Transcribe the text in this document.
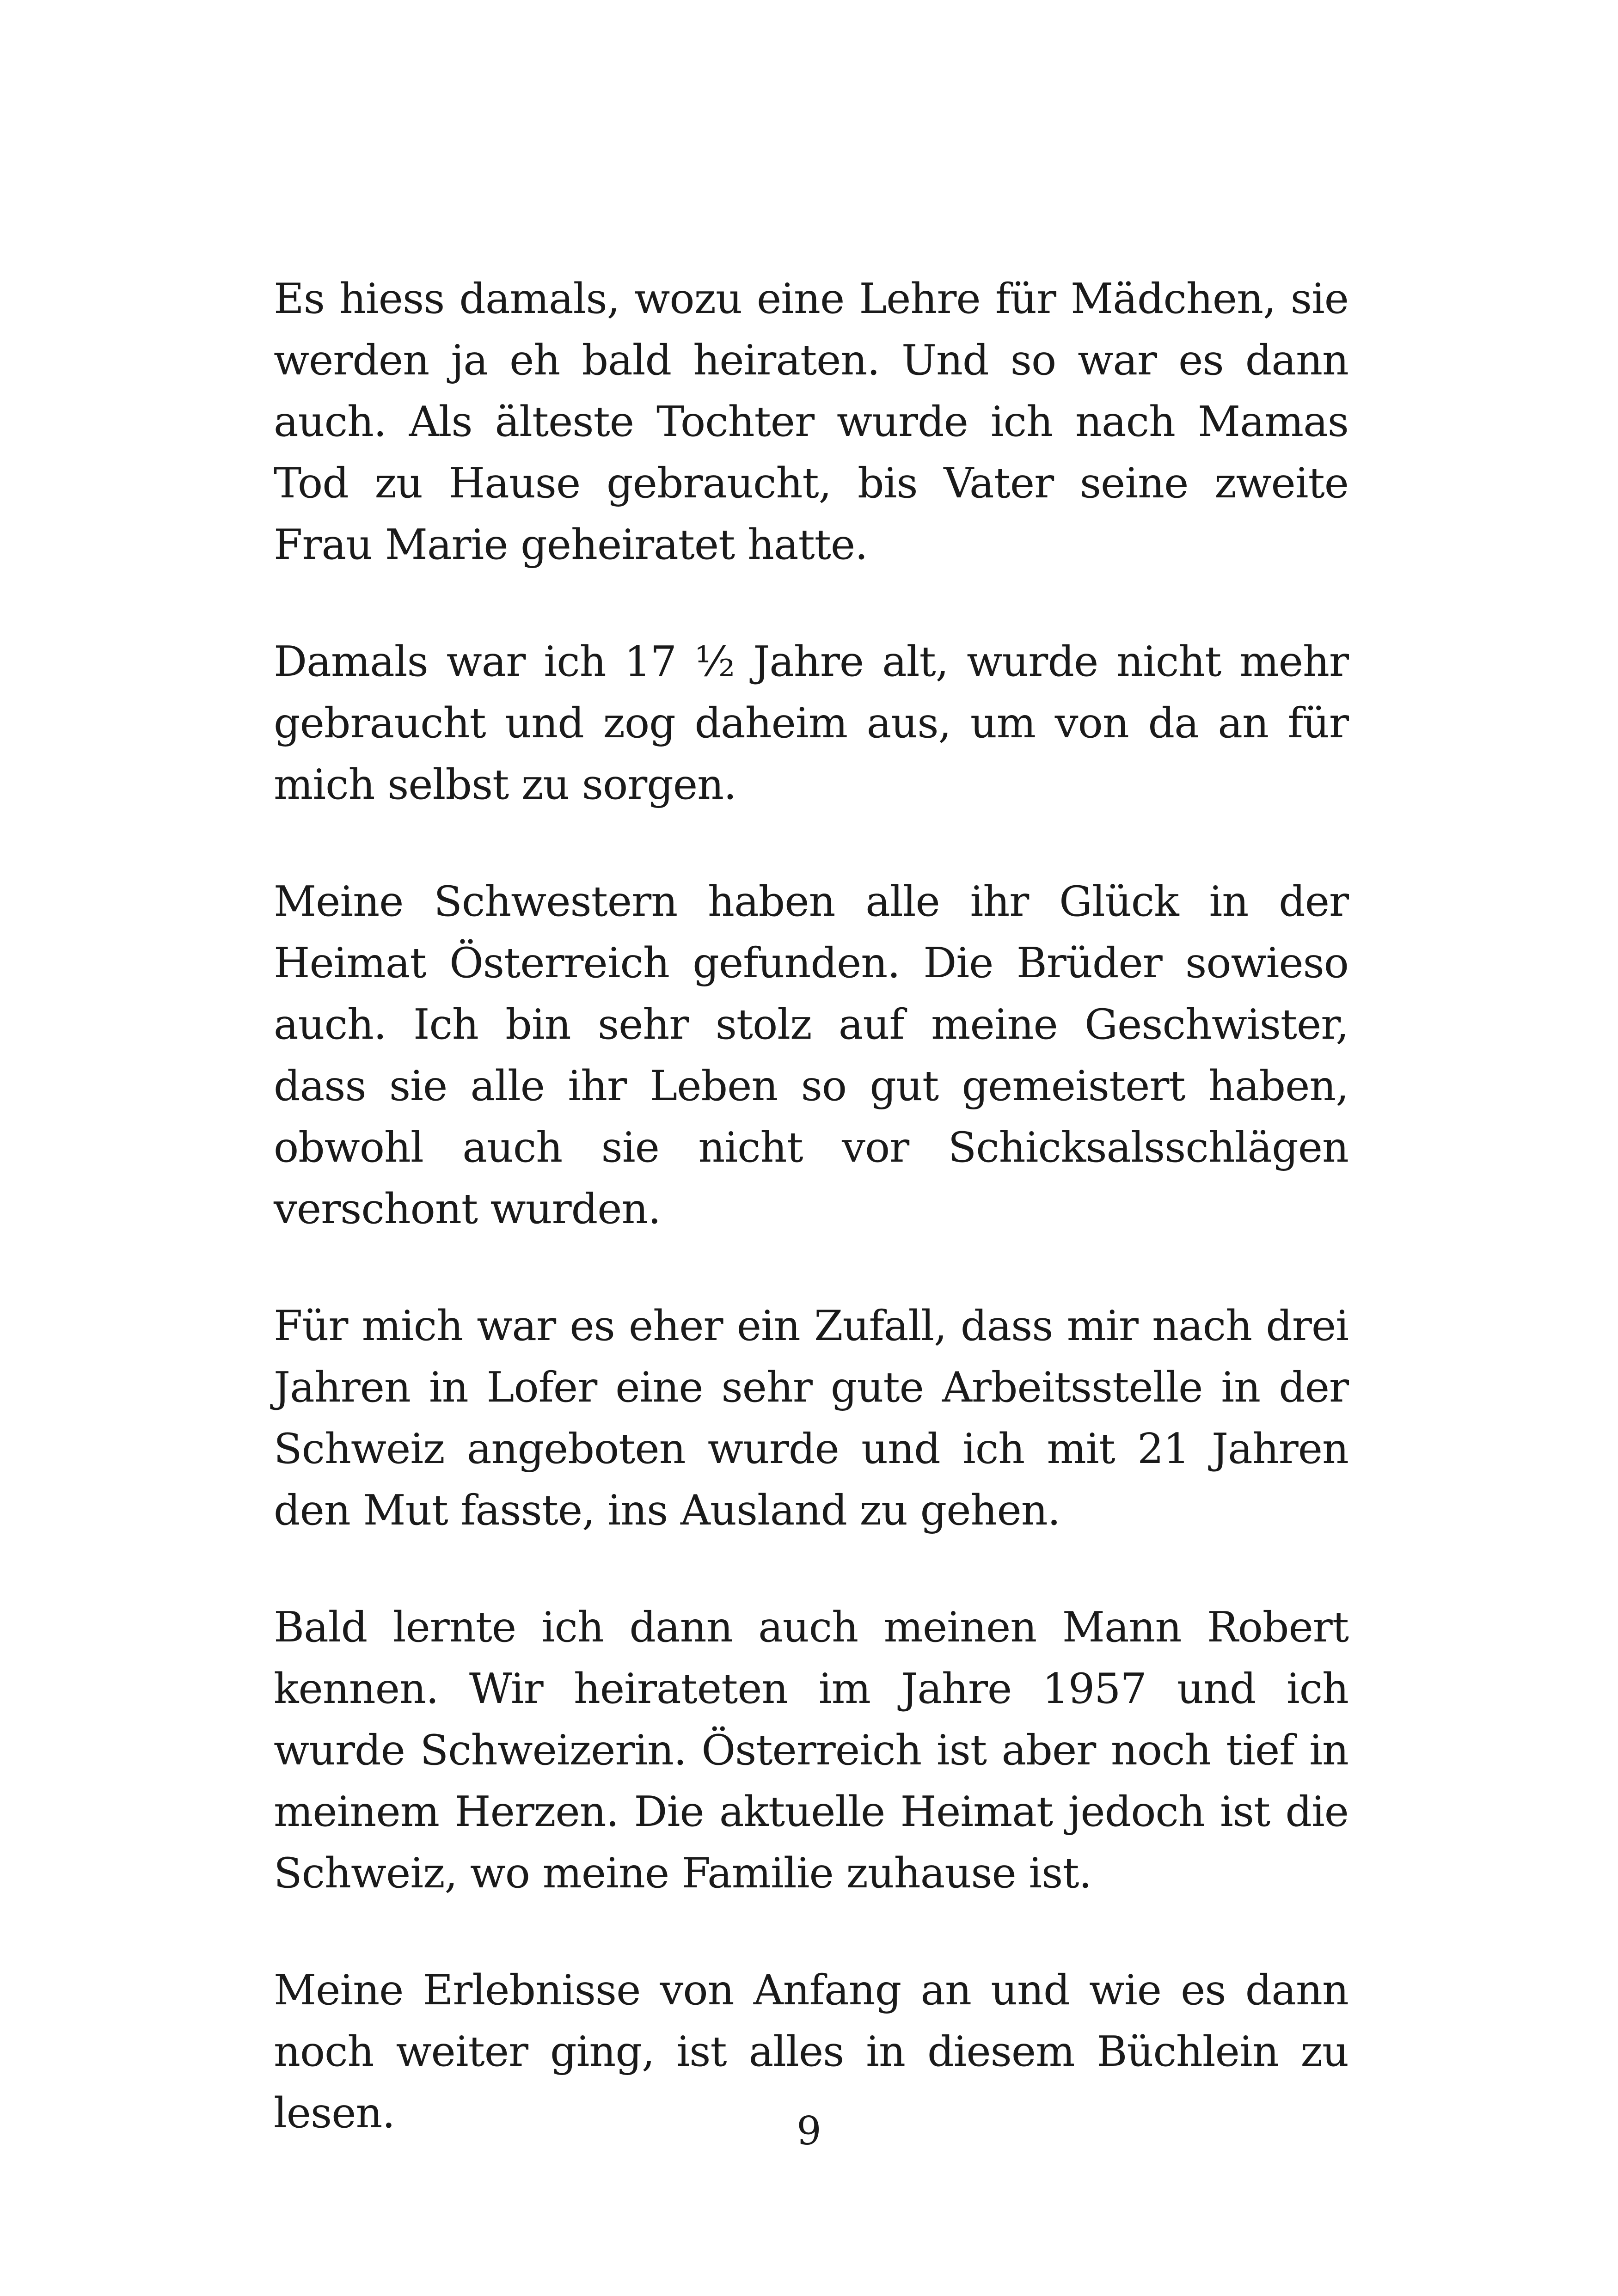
Es hiess damals, wozu eine Lehre für Mädchen, sie werden ja eh bald heiraten. Und so war es dann auch. Als älteste Tochter wurde ich nach Mamas Tod zu Hause gebraucht, bis Vater seine zweite Frau Marie geheiratet hatte.

Damals war ich 17 ½ Jahre alt, wurde nicht mehr gebraucht und zog daheim aus, um von da an für mich selbst zu sorgen.

Meine Schwestern haben alle ihr Glück in der Heimat Österreich gefunden. Die Brüder sowieso auch. Ich bin sehr stolz auf meine Geschwister, dass sie alle ihr Leben so gut gemeistert haben, obwohl auch sie nicht vor Schicksalsschlägen verschont wurden.

Für mich war es eher ein Zufall, dass mir nach drei Jahren in Lofer eine sehr gute Arbeitsstelle in der Schweiz angeboten wurde und ich mit 21 Jahren den Mut fasste, ins Ausland zu gehen.

Bald lernte ich dann auch meinen Mann Robert kennen. Wir heirateten im Jahre 1957 und ich wurde Schweizerin. Österreich ist aber noch tief in meinem Herzen. Die aktuelle Heimat jedoch ist die Schweiz, wo meine Familie zuhause ist.

Meine Erlebnisse von Anfang an und wie es dann noch weiter ging, ist alles in diesem Büchlein zu lesen.	9
